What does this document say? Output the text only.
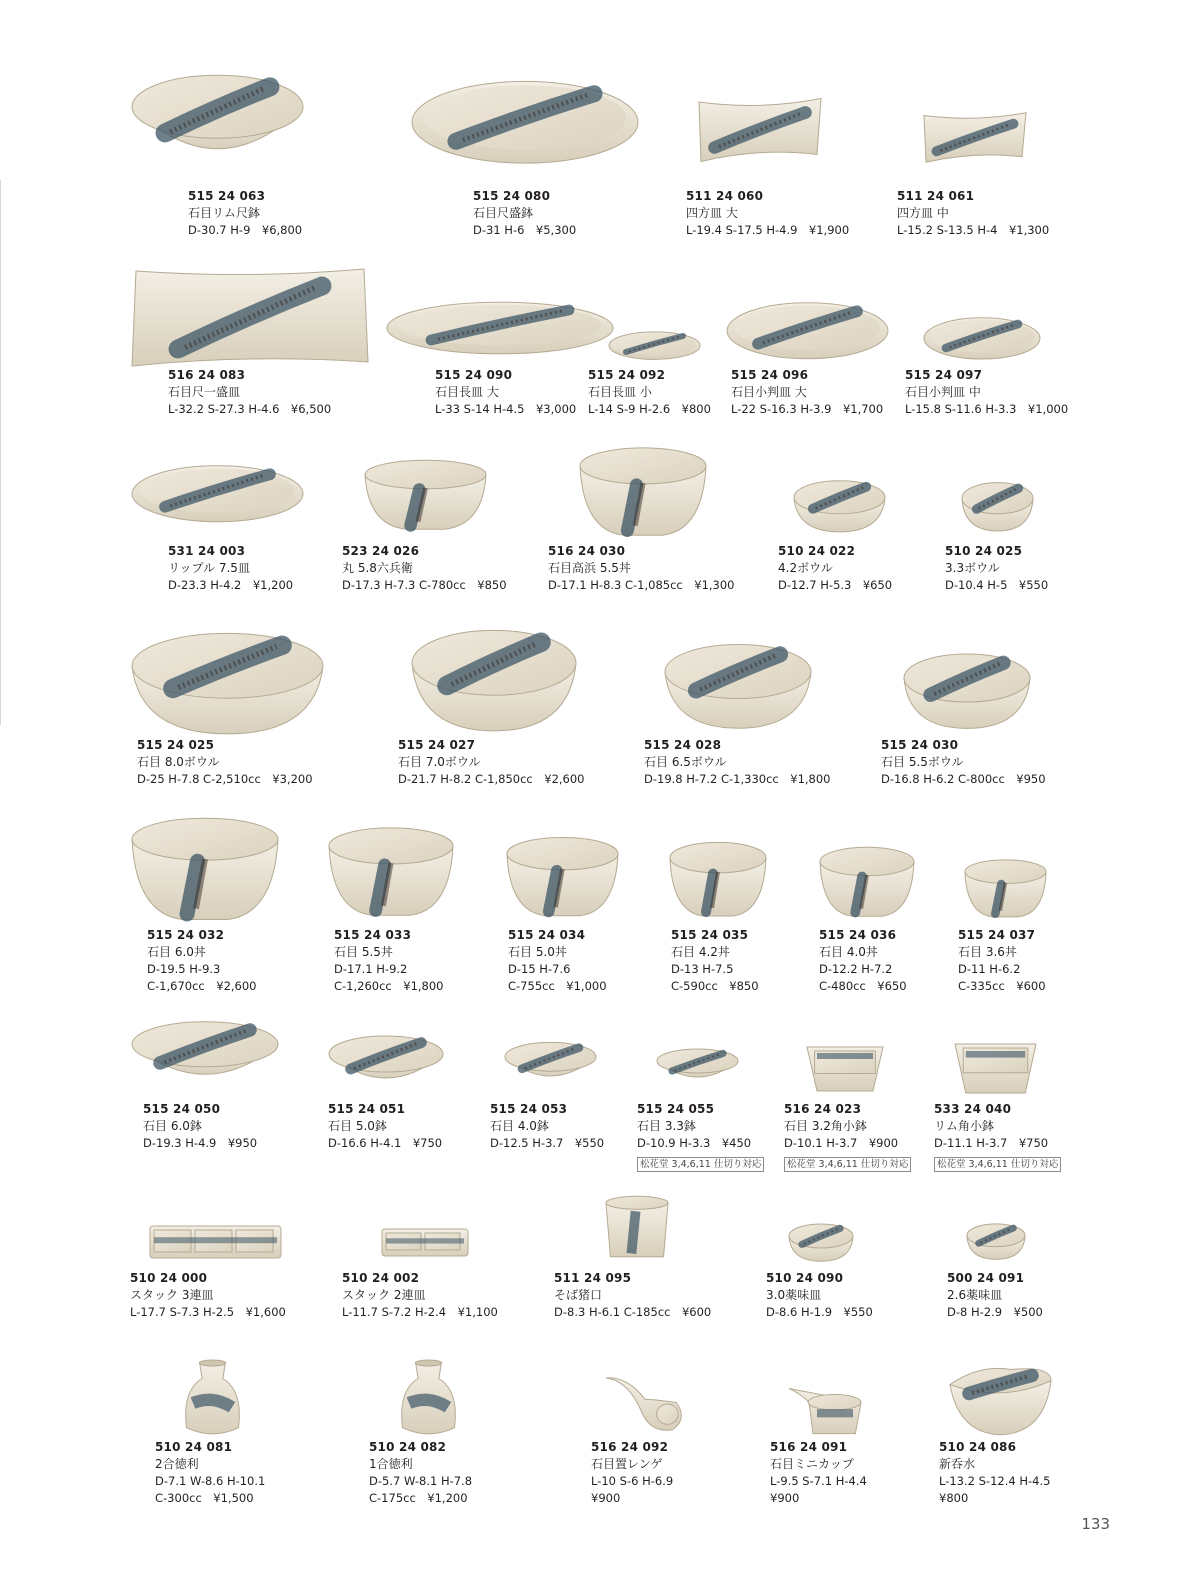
515 24 063
石目リム尺鉢
D-30.7 H-9　¥6,800
515 24 080
石目尺盛鉢
D-31 H-6　¥5,300
511 24 060
四方皿 大
L-19.4 S-17.5 H-4.9　¥1,900
511 24 061
四方皿 中
L-15.2 S-13.5 H-4　¥1,300
516 24 083
石目尺一盛皿
L-32.2 S-27.3 H-4.6　¥6,500
515 24 090
石目長皿 大
L-33 S-14 H-4.5　¥3,000
515 24 092
石目長皿 小
L-14 S-9 H-2.6　¥800
515 24 096
石目小判皿 大
L-22 S-16.3 H-3.9　¥1,700
515 24 097
石目小判皿 中
L-15.8 S-11.6 H-3.3　¥1,000
531 24 003
リップル 7.5皿
D-23.3 H-4.2　¥1,200
523 24 026
丸 5.8六兵衛
D-17.3 H-7.3 C-780cc　¥850
516 24 030
石目高浜 5.5丼
D-17.1 H-8.3 C-1,085cc　¥1,300
510 24 022
4.2ボウル
D-12.7 H-5.3　¥650
510 24 025
3.3ボウル
D-10.4 H-5　¥550
515 24 025
石目 8.0ボウル
D-25 H-7.8 C-2,510cc　¥3,200
515 24 027
石目 7.0ボウル
D-21.7 H-8.2 C-1,850cc　¥2,600
515 24 028
石目 6.5ボウル
D-19.8 H-7.2 C-1,330cc　¥1,800
515 24 030
石目 5.5ボウル
D-16.8 H-6.2 C-800cc　¥950
515 24 032
石目 6.0丼
D-19.5 H-9.3
C-1,670cc　¥2,600
515 24 033
石目 5.5丼
D-17.1 H-9.2
C-1,260cc　¥1,800
515 24 034
石目 5.0丼
D-15 H-7.6
C-755cc　¥1,000
515 24 035
石目 4.2丼
D-13 H-7.5
C-590cc　¥850
515 24 036
石目 4.0丼
D-12.2 H-7.2
C-480cc　¥650
515 24 037
石目 3.6丼
D-11 H-6.2
C-335cc　¥600
515 24 050
石目 6.0鉢
D-19.3 H-4.9　¥950
515 24 051
石目 5.0鉢
D-16.6 H-4.1　¥750
515 24 053
石目 4.0鉢
D-12.5 H-3.7　¥550
515 24 055
石目 3.3鉢
D-10.9 H-3.3　¥450
松花堂 3,4,6,11 仕切り対応
516 24 023
石目 3.2角小鉢
D-10.1 H-3.7　¥900
松花堂 3,4,6,11 仕切り対応
533 24 040
リム角小鉢
D-11.1 H-3.7　¥750
松花堂 3,4,6,11 仕切り対応
510 24 000
スタック 3連皿
L-17.7 S-7.3 H-2.5　¥1,600
510 24 002
スタック 2連皿
L-11.7 S-7.2 H-2.4　¥1,100
511 24 095
そば猪口
D-8.3 H-6.1 C-185cc　¥600
510 24 090
3.0薬味皿
D-8.6 H-1.9　¥550
500 24 091
2.6薬味皿
D-8 H-2.9　¥500
510 24 081
2合徳利
D-7.1 W-8.6 H-10.1
C-300cc　¥1,500
510 24 082
1合徳利
D-5.7 W-8.1 H-7.8
C-175cc　¥1,200
516 24 092
石目置レンゲ
L-10 S-6 H-6.9
¥900
516 24 091
石目ミニカップ
L-9.5 S-7.1 H-4.4
¥900
510 24 086
新呑水
L-13.2 S-12.4 H-4.5
¥800
133
